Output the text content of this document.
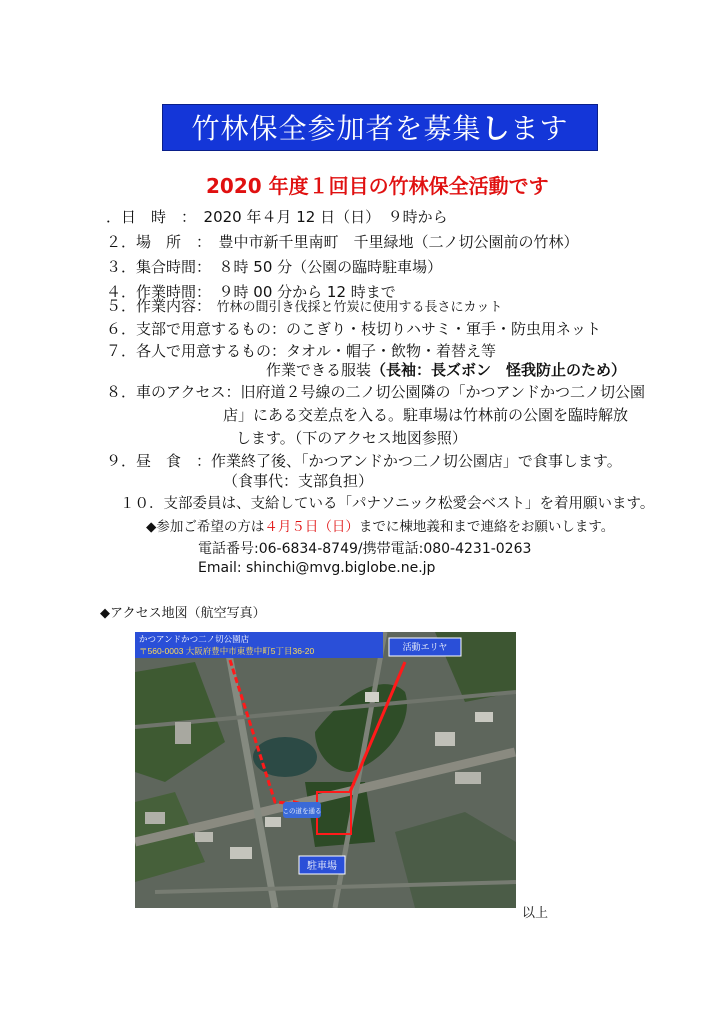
竹林保全参加者を募集します
2020 年度１回目の竹林保全活動です
．日　時　：　 2020 年４月 12 日（日）　９時から
２．場　所　：　 豊中市新千里南町　千里緑地（二ノ切公園前の竹林）
３．集合時間：　 ８時 50 分（公園の臨時駐車場）
４．作業時間：　 ９時 00 分から 12 時まで
５．作業内容：　 竹林の間引き伐採と竹炭に使用する長さにカット
６．支部で用意するもの：のこぎり・枝切りハサミ・軍手・防虫用ネット
７．各人で用意するもの：タオル・帽子・飲物・着替え等
作業できる服装（長袖：長ズボン　怪我防止のため）
８．車のアクセス：旧府道２号線の二ノ切公園隣の「かつアンドかつ二ノ切公園
店」にある交差点を入る。駐車場は竹林前の公園を臨時解放
します。（下のアクセス地図参照）
９．昼　食　：作業終了後、「かつアンドかつ二ノ切公園店」で食事します。
（食事代：支部負担）
１０．支部委員は、支給している「パナソニック松愛会ベスト」を着用願います。
◆参加ご希望の方は４月５日（日）までに棟地義和まで連絡をお願いします。
電話番号:06-6834-8749/携帯電話:080-4231-0263
Email: shinchi@mvg.biglobe.ne.jp
◆アクセス地図（航空写真）
かつアンドかつ二ノ切公園店
〒560-0003 大阪府豊中市東豊中町5丁目36-20	活動エリヤ
この道を通る
駐車場
以上
